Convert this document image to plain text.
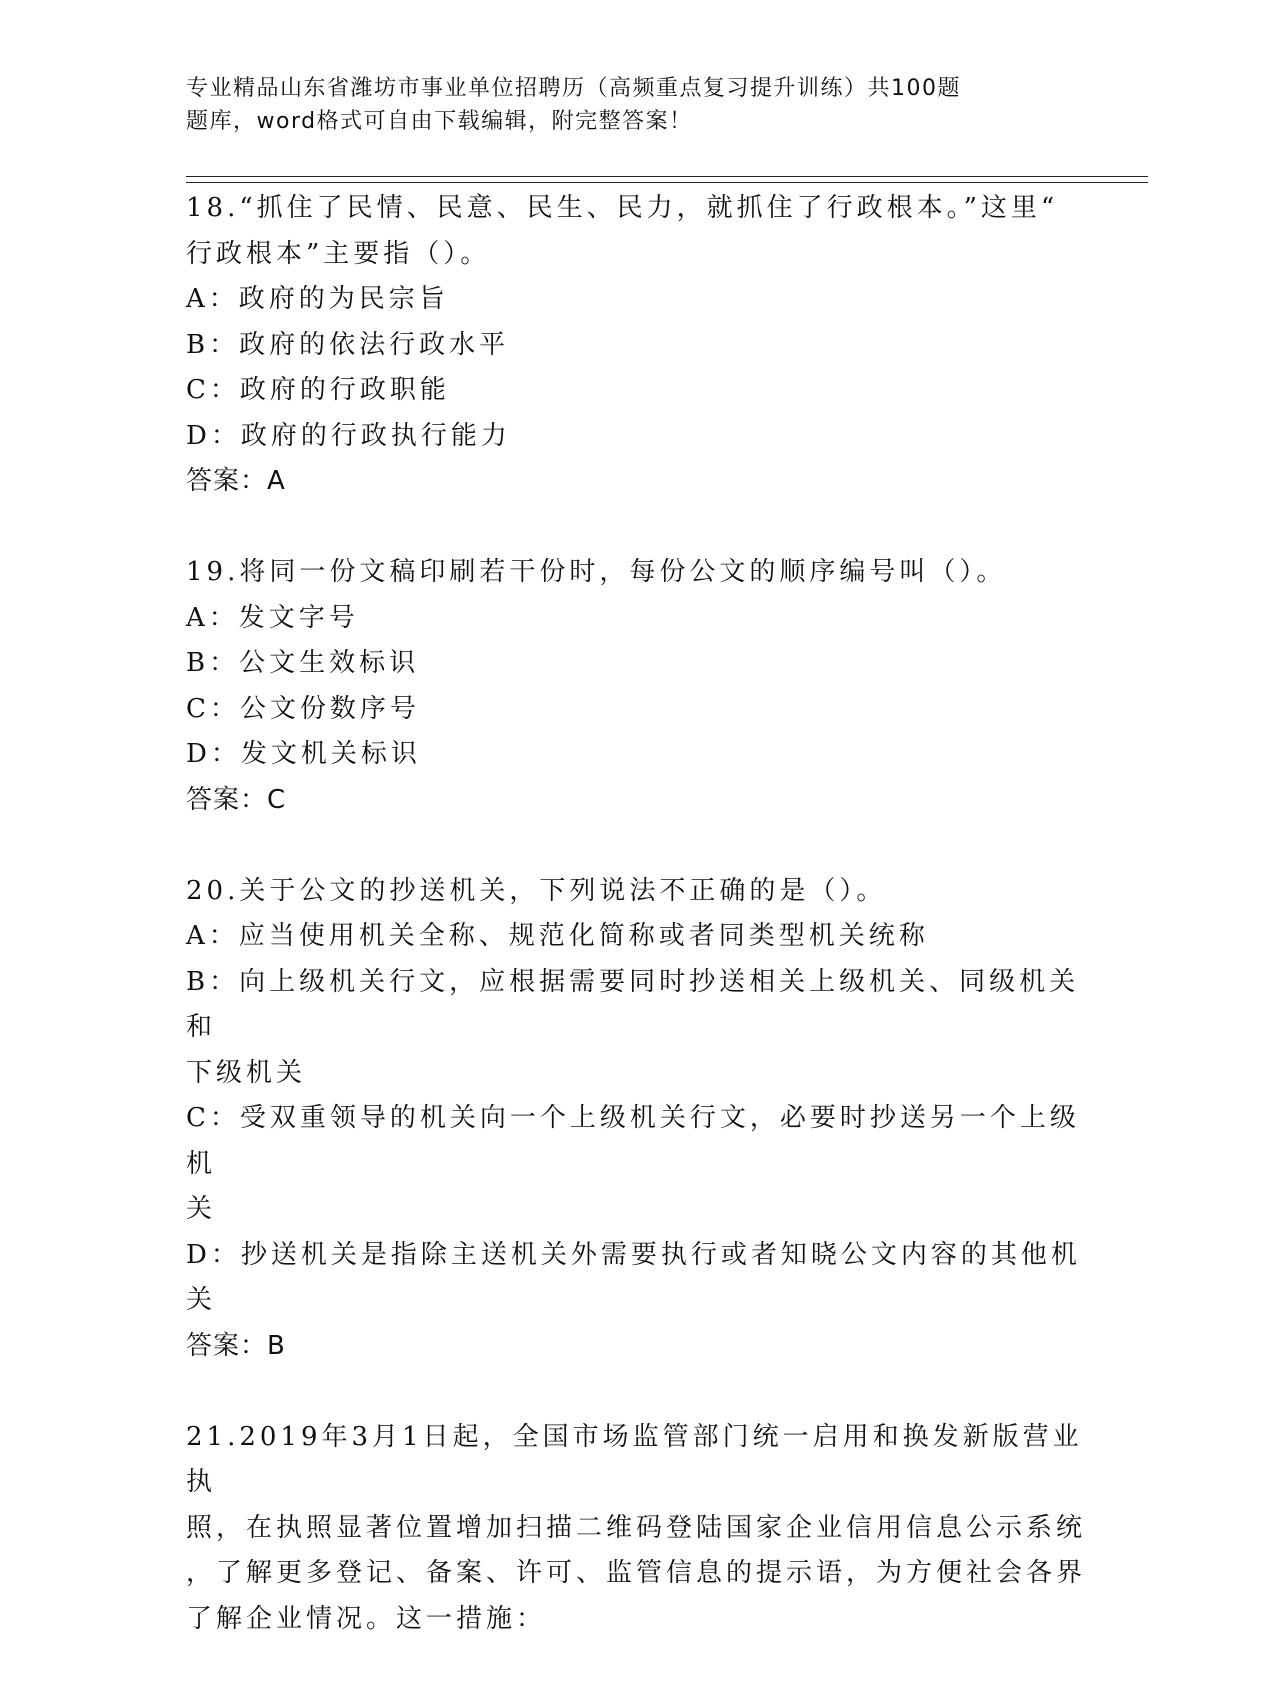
专业精品山东省潍坊市事业单位招聘历（高频重点复习提升训练）共100题
题库，word格式可自由下载编辑，附完整答案！

18.“抓住了民情、民意、民生、民力，就抓住了行政根本。”这里“

行政根本”主要指（）。

A：政府的为民宗旨

B：政府的依法行政水平

C：政府的行政职能

D：政府的行政执行能力

答案：A

19.将同一份文稿印刷若干份时，每份公文的顺序编号叫（）。

A：发文字号

B：公文生效标识

C：公文份数序号

D：发文机关标识

答案：C

20.关于公文的抄送机关，下列说法不正确的是（）。

A：应当使用机关全称、规范化简称或者同类型机关统称

B：向上级机关行文，应根据需要同时抄送相关上级机关、同级机关和

下级机关

C：受双重领导的机关向一个上级机关行文，必要时抄送另一个上级机

关

D：抄送机关是指除主送机关外需要执行或者知晓公文内容的其他机关

答案：B

21.2019年3月1日起，全国市场监管部门统一启用和换发新版营业执

照，在执照显著位置增加扫描二维码登陆国家企业信用信息公示系统

，了解更多登记、备案、许可、监管信息的提示语，为方便社会各界

了解企业情况。这一措施：
